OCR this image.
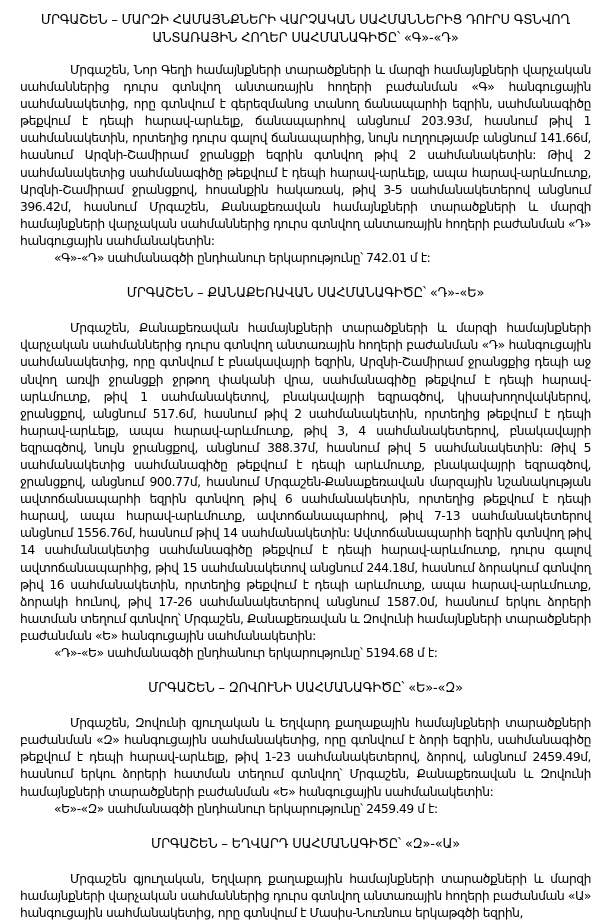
ՄՐԳԱՇԵՆ – ՄԱՐԶԻ ՀԱՄԱՅՆՔՆԵՐԻ ՎԱՐՉԱԿԱՆ ՍԱՀՄԱՆՆԵՐԻՑ ԴՈՒՐՍ ԳՏՆՎՈՂ ԱՆՏԱՌԱՅԻՆ ՀՈՂԵՐ ՍԱՀՄԱՆԱԳԻԾԸ՝ «Գ»-«Դ»

Մրգաշեն, Նոր Գեղի համայնքների տարածքների և մարզի համայնքների վարչական սահմաններից դուրս գտնվող անտառային հողերի բաժանման «Գ» հանգուցային սահմանակետից, որը գտնվում է գերեզմանոց տանող ճանապարհի եզրին, սահմանագիծը թեքվում է դեպի հարավ-արևելք, ճանապարհով անցնում 203.93մ, հասնում թիվ 1 սահմանակետին, որտեղից դուրս գալով ճանապարհից, նույն ուղղությամբ անցնում 141.66մ, հասնում Արզնի-Շամիրամ ջրանցքի եզրին գտնվող թիվ 2 սահմանակետին: Թիվ 2 սահմանակետից սահմանագիծը թեքվում է դեպի հարավ-արևելք, ապա հարավ-արևմուտք, Արզնի-Շամիրամ ջրանցքով, հոսանքին հակառակ, թիվ 3-5 սահմանակետերով անցնում 396.42մ, հասնում Մրգաշեն, Քանաքեռավան համայնքների տարածքների և մարզի համայնքների վարչական սահմաններից դուրս գտնվող անտառային հողերի բաժանման «Դ» հանգուցային սահմանակետին:

«Գ»-«Դ» սահմանագծի ընդհանուր երկարությունը՝ 742.01 մ է:

ՄՐԳԱՇԵՆ – ՔԱՆԱՔԵՌԱՎԱՆ ՍԱՀՄԱՆԱԳԻԾԸ՝ «Դ»-«Ե»

Մրգաշեն, Քանաքեռավան համայնքների տարածքների և մարզի համայնքների վարչական սահմաններից դուրս գտնվող անտառային հողերի բաժանման «Դ» հանգուցային սահմանակետից, որը գտնվում է բնակավայրի եզրին, Արզնի-Շամիրամ ջրանցքից դեպի աջ սնվող առվի ջրանցքի ջրթող փականի վրա, սահմանագիծը թեքվում է դեպի հարավ-արևմուտք, թիվ 1 սահմանակետով, բնակավայրի եզրագծով, կիսախողովակներով, ջրանցքով, անցնում 517.6մ, հասնում թիվ 2 սահմանակետին, որտեղից թեքվում է դեպի հարավ-արևելք, ապա հարավ-արևմուտք, թիվ 3, 4 սահմանակետերով, բնակավայրի եզրագծով, նույն ջրանցքով, անցնում 388.37մ, հասնում թիվ 5 սահմանակետին: Թիվ 5 սահմանակետից սահմանագիծը թեքվում է դեպի արևմուտք, բնակավայրի եզրագծով, ջրանցքով, անցնում 900.77մ, հասնում Մրգաշեն-Քանաքեռավան մարզային նշանակության ավտոճանապարհի եզրին գտնվող թիվ 6 սահմանակետին, որտեղից թեքվում է դեպի հարավ, ապա հարավ-արևմուտք, ավտոճանապարհով, թիվ 7-13 սահմանակետերով անցնում 1556.76մ, հասնում թիվ 14 սահմանակետին: Ավտոճանապարհի եզրին գտնվող թիվ 14 սահմանակետից սահմանագիծը թեքվում է դեպի հարավ-արևմուտք, դուրս գալով ավտոճանապարհից, թիվ 15 սահմանակետով անցնում 244.18մ, հասնում ձորակում գտնվող թիվ 16 սահմանակետին, որտեղից թեքվում է դեպի արևմուտք, ապա հարավ-արևմուտք, ձորակի հունով, թիվ 17-26 սահմանակետերով անցնում 1587.0մ, հասնում երկու ձորերի հատման տեղում գտնվող՝ Մրգաշեն, Քանաքեռավան և Զովունի համայնքների տարածքների բաժանման «Ե» հանգուցային սահմանակետին:

«Դ»-«Ե» սահմանագծի ընդհանուր երկարությունը՝ 5194.68 մ է:

ՄՐԳԱՇԵՆ – ԶՈՎՈՒՆԻ ՍԱՀՄԱՆԱԳԻԾԸ՝ «Ե»-«Զ»

Մրգաշեն, Զովունի գյուղական և Եղվարդ քաղաքային համայնքների տարածքների բաժանման «Զ» հանգուցային սահմանակետից, որը գտնվում է ձորի եզրին, սահմանագիծը թեքվում է դեպի հարավ-արևելք, թիվ 1-23 սահմանակետերով, ձորով, անցնում 2459.49մ, հասնում երկու ձորերի հատման տեղում գտնվող՝ Մրգաշեն, Քանաքեռավան և Զովունի համայնքների տարածքների բաժանման «Ե» հանգուցային սահմանակետին:

«Ե»-«Զ» սահմանագծի ընդհանուր երկարությունը՝ 2459.49 մ է:

ՄՐԳԱՇԵՆ – ԵՂՎԱՐԴ ՍԱՀՄԱՆԱԳԻԾԸ՝ «Զ»-«Ա»

Մրգաշեն գյուղական, Եղվարդ քաղաքային համայնքների տարածքների և մարզի համայնքների վարչական սահմաններից դուրս գտնվող անտառային հողերի բաժանման «Ա» հանգուցային սահմանակետից, որը գտնվում է Մասիս-Նուռնուս երկաթգծի եզրին,
